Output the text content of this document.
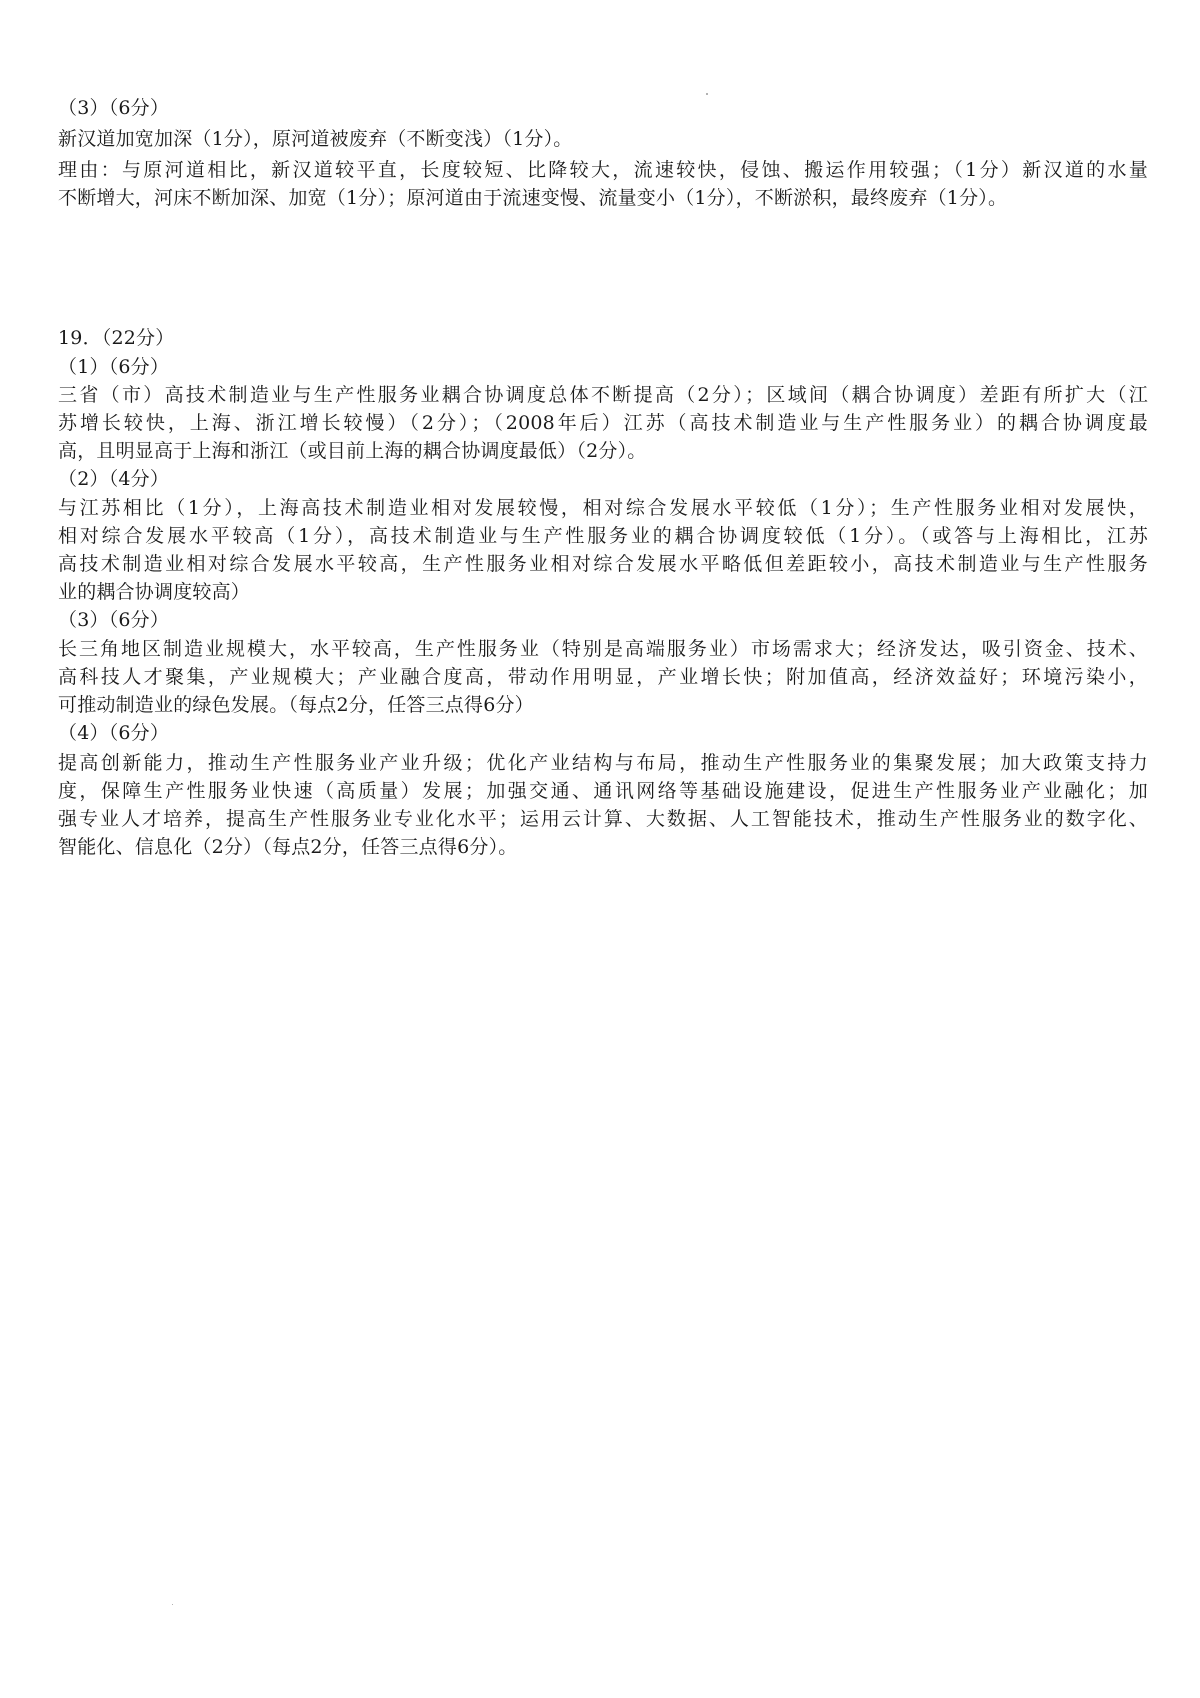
（3）（6分）
新汉道加宽加深（1分），原河道被废弃（不断变浅）（1分）。
理由：与原河道相比，新汉道较平直，长度较短、比降较大，流速较快，侵蚀、搬运作用较强；（1分）新汉道的水量
不断增大，河床不断加深、加宽（1分）；原河道由于流速变慢、流量变小（1分），不断淤积，最终废弃（1分）。
19．（22分）
（1）（6分）
三省（市）高技术制造业与生产性服务业耦合协调度总体不断提高（2分）；区域间（耦合协调度）差距有所扩大（江
苏增长较快，上海、浙江增长较慢）（2分）；（2008年后）江苏（高技术制造业与生产性服务业）的耦合协调度最
高，且明显高于上海和浙江（或目前上海的耦合协调度最低）（2分）。
（2）（4分）
与江苏相比（1分），上海高技术制造业相对发展较慢，相对综合发展水平较低（1分）；生产性服务业相对发展快，
相对综合发展水平较高（1分），高技术制造业与生产性服务业的耦合协调度较低（1分）。（或答与上海相比，江苏
高技术制造业相对综合发展水平较高，生产性服务业相对综合发展水平略低但差距较小，高技术制造业与生产性服务
业的耦合协调度较高）
（3）（6分）
长三角地区制造业规模大，水平较高，生产性服务业（特别是高端服务业）市场需求大；经济发达，吸引资金、技术、
高科技人才聚集，产业规模大；产业融合度高，带动作用明显，产业增长快；附加值高，经济效益好；环境污染小，
可推动制造业的绿色发展。（每点2分，任答三点得6分）
（4）（6分）
提高创新能力，推动生产性服务业产业升级；优化产业结构与布局，推动生产性服务业的集聚发展；加大政策支持力
度，保障生产性服务业快速（高质量）发展；加强交通、通讯网络等基础设施建设，促进生产性服务业产业融化；加
强专业人才培养，提高生产性服务业专业化水平；运用云计算、大数据、人工智能技术，推动生产性服务业的数字化、
智能化、信息化（2分）（每点2分，任答三点得6分）。
